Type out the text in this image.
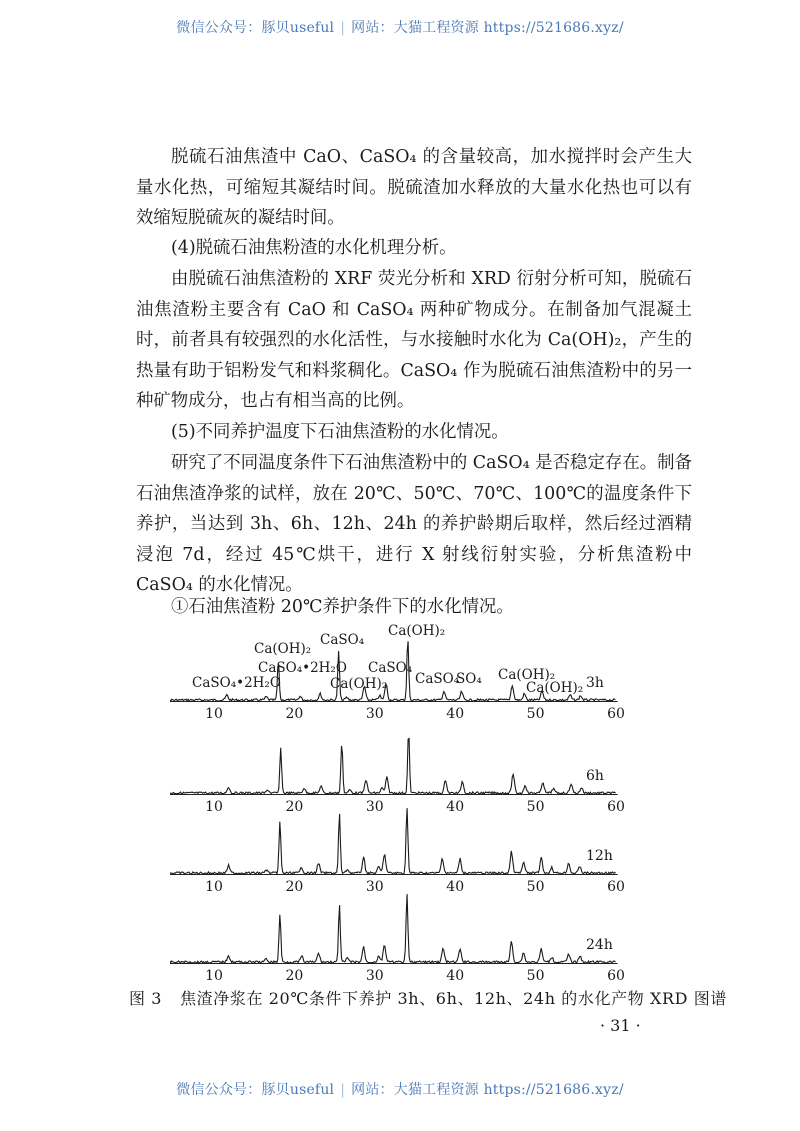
微信公众号：豚贝useful | 网站：大猫工程资源 https://521686.xyz/

脱硫石油焦渣中 CaO、CaSO₄ 的含量较高，加水搅拌时会产生大量水化热，可缩短其凝结时间。脱硫渣加水释放的大量水化热也可以有效缩短脱硫灰的凝结时间。

(4)脱硫石油焦粉渣的水化机理分析。

由脱硫石油焦渣粉的 XRF 荧光分析和 XRD 衍射分析可知，脱硫石油焦渣粉主要含有 CaO 和 CaSO₄ 两种矿物成分。在制备加气混凝土时，前者具有较强烈的水化活性，与水接触时水化为 Ca(OH)₂，产生的热量有助于铝粉发气和料浆稠化。CaSO₄ 作为脱硫石油焦渣粉中的另一种矿物成分，也占有相当高的比例。

(5)不同养护温度下石油焦渣粉的水化情况。

研究了不同温度条件下石油焦渣粉中的 CaSO₄ 是否稳定存在。制备石油焦渣净浆的试样，放在 20℃、50℃、70℃、100℃的温度条件下养护，当达到 3h、6h、12h、24h 的养护龄期后取样，然后经过酒精浸泡 7d，经过 45℃烘干，进行 X 射线衍射实验，分析焦渣粉中 CaSO₄ 的水化情况。

①石油焦渣粉 20℃养护条件下的水化情况。

10	20	30	40	50	60
3h
10	20	30	40	50	60
6h
10	20	30	40	50	60
12h
10	20	30	40	50	60
24h
CaSO₄•2H₂O
CaSO₄•2H₂O
Ca(OH)₂
CaSO₄
Ca(OH)₂
CaSO₄
Ca(OH)₂
CaSO₄
SO₄ Ca(OH)₂
Ca(OH)₂
图 3 焦渣净浆在 20℃条件下养护 3h、6h、12h、24h 的水化产物 XRD 图谱
· 31 ·
微信公众号：豚贝useful | 网站：大猫工程资源 https://521686.xyz/
